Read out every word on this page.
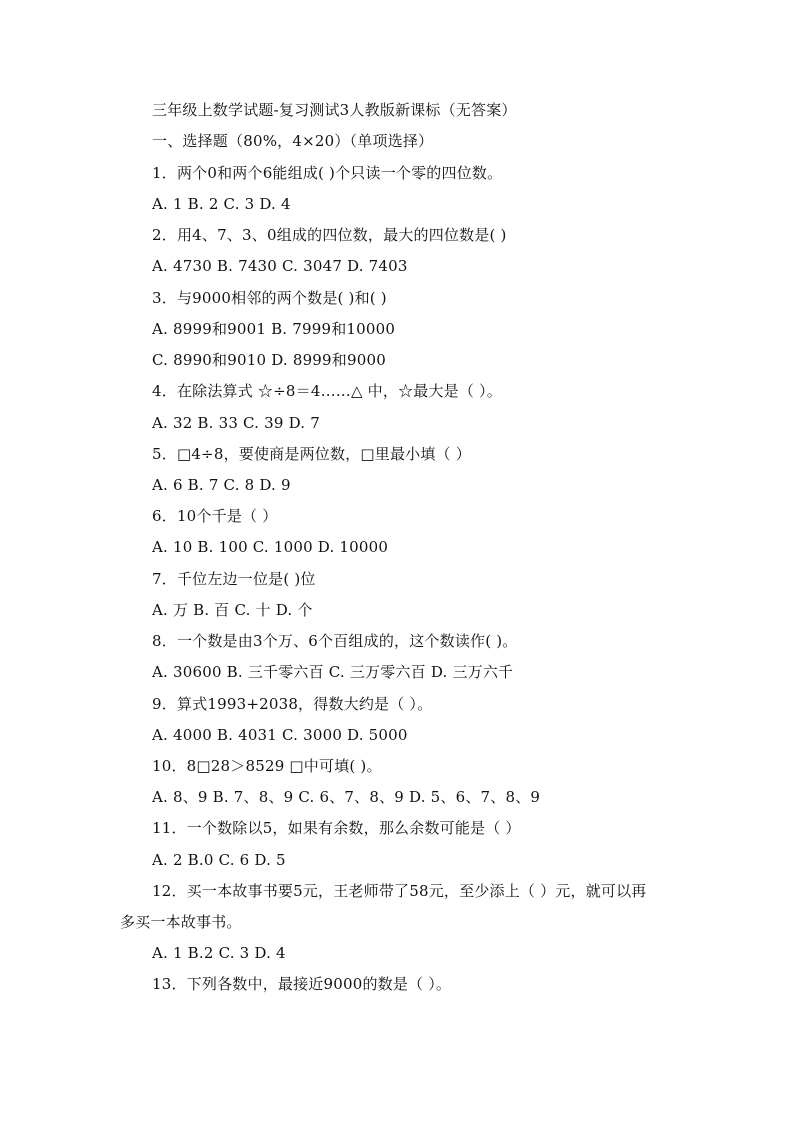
三年级上数学试题-复习测试3人教版新课标（无答案）
一、选择题（80%，4×20）（单项选择）
1．两个0和两个6能组成( )个只读一个零的四位数。
A. 1 B. 2 C. 3 D. 4
2．用4、7、3、0组成的四位数，最大的四位数是( )
A. 4730 B. 7430 C. 3047 D. 7403
3．与9000相邻的两个数是( )和( )
A. 8999和9001 B. 7999和10000
C. 8990和9010 D. 8999和9000
4．在除法算式 ☆÷8＝4……△ 中，☆最大是（ ）。
A. 32 B. 33 C. 39 D. 7
5．□4÷8，要使商是两位数，□里最小填（ ）
A. 6 B. 7 C. 8 D. 9
6．10个千是（ ）
A. 10 B. 100 C. 1000 D. 10000
7．千位左边一位是( )位
A. 万 B. 百 C. 十 D. 个
8．一个数是由3个万、6个百组成的，这个数读作( )。
A. 30600 B. 三千零六百 C. 三万零六百 D. 三万六千
9．算式1993+2038，得数大约是（ ）。
A. 4000 B. 4031 C. 3000 D. 5000
10．8□28＞8529 □中可填( )。
A. 8、9 B. 7、8、9 C. 6、7、8、9 D. 5、6、7、8、9
11．一个数除以5，如果有余数，那么余数可能是（ ）
A. 2 B.0 C. 6 D. 5
12．买一本故事书要5元，王老师带了58元，至少添上（ ）元，就可以再
多买一本故事书。
A. 1 B.2 C. 3 D. 4
13．下列各数中，最接近9000的数是（ ）。
